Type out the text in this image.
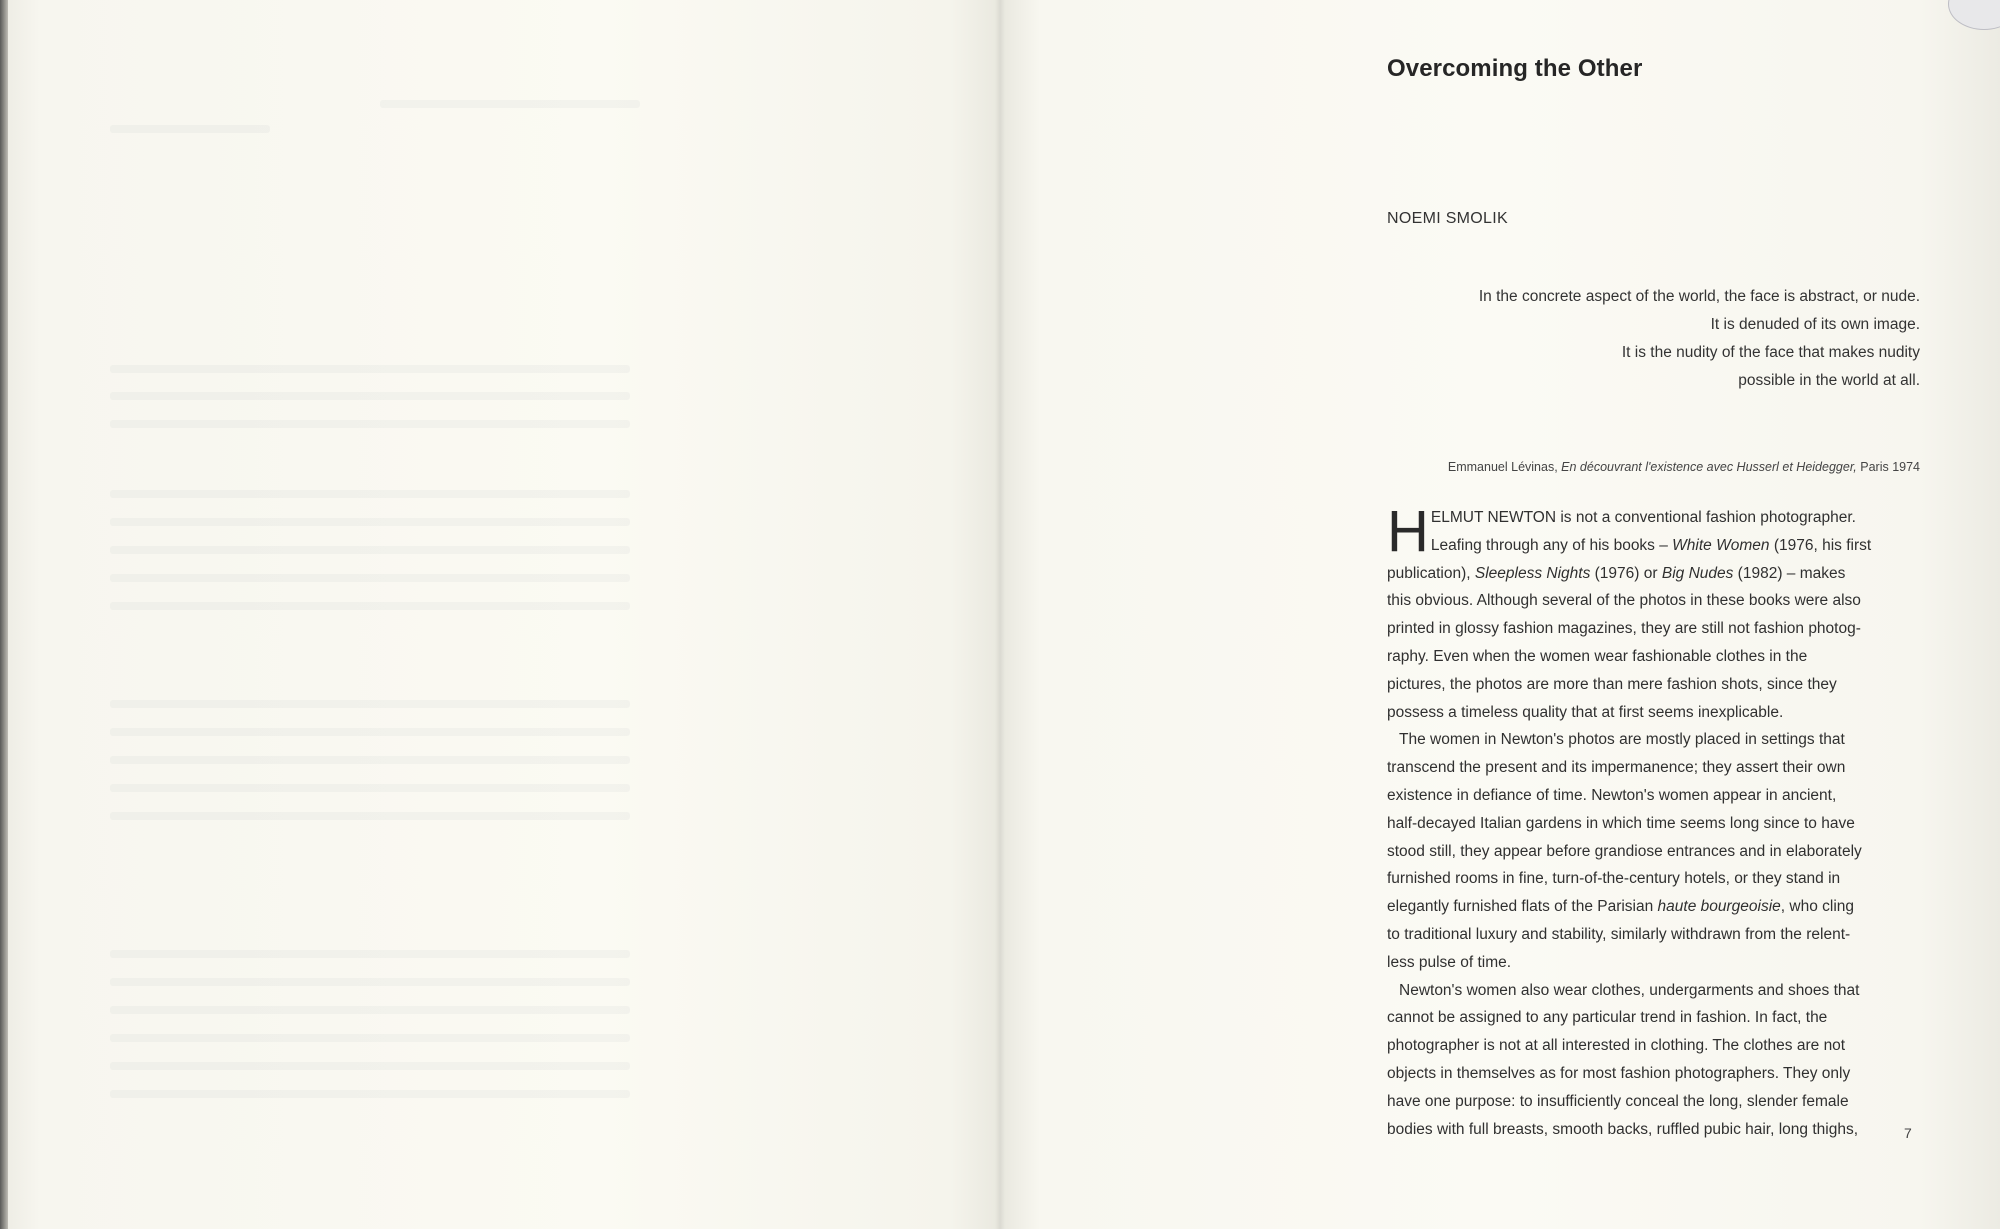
Overcoming the Other
NOEMI SMOLIK
In the concrete aspect of the world, the face is abstract, or nude.
It is denuded of its own image.
It is the nudity of the face that makes nudity
possible in the world at all.
Emmanuel Lévinas, En découvrant l'existence avec Husserl et Heidegger, Paris 1974
H ELMUT NEWTON is not a conventional fashion photographer.
Leafing through any of his books – White Women (1976, his first
publication), Sleepless Nights (1976) or Big Nudes (1982) – makes
this obvious. Although several of the photos in these books were also
printed in glossy fashion magazines, they are still not fashion photog-
raphy. Even when the women wear fashionable clothes in the
pictures, the photos are more than mere fashion shots, since they
possess a timeless quality that at first seems inexplicable.
The women in Newton's photos are mostly placed in settings that
transcend the present and its impermanence; they assert their own
existence in defiance of time. Newton's women appear in ancient,
half-decayed Italian gardens in which time seems long since to have
stood still, they appear before grandiose entrances and in elaborately
furnished rooms in fine, turn-of-the-century hotels, or they stand in
elegantly furnished flats of the Parisian haute bourgeoisie, who cling
to traditional luxury and stability, similarly withdrawn from the relent-
less pulse of time.
Newton's women also wear clothes, undergarments and shoes that
cannot be assigned to any particular trend in fashion. In fact, the
photographer is not at all interested in clothing. The clothes are not
objects in themselves as for most fashion photographers. They only
have one purpose: to insufficiently conceal the long, slender female
bodies with full breasts, smooth backs, ruffled pubic hair, long thighs,	7
